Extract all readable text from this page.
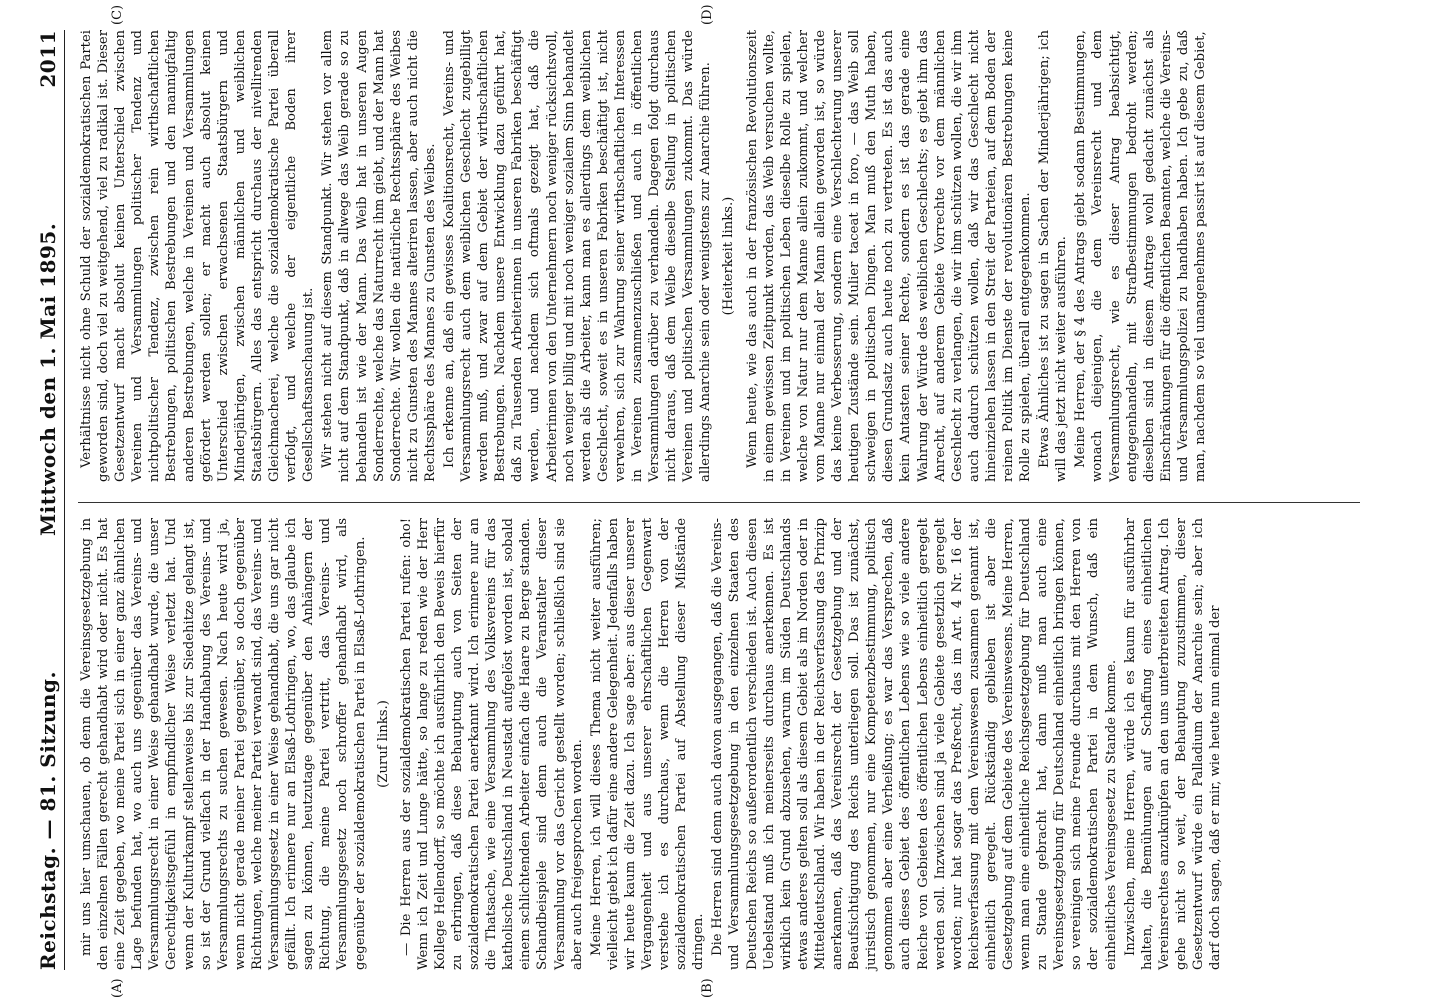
Reichstag. — 81. Sitzung.
Mittwoch den 1. Mai 1895.
2011
(A)	(B)
(C)	(D)

mir uns hier umschauen, ob denn die Vereinsgesetzgebung in den einzelnen Fällen gerecht gehandhabt wird oder nicht. Es hat eine Zeit gegeben, wo meine Partei sich in einer ganz ähnlichen Lage befunden hat, wo auch uns gegenüber das Vereins- und Versammlungsrecht in einer Weise gehandhabt wurde, die unser Gerechtigkeitsgefühl in empfindlicher Weise verletzt hat. Und wenn der Kulturkampf stellenweise bis zur Siedehitze gelangt ist, so ist der Grund vielfach in der Handhabung des Vereins- und Versammlungsrechts zu suchen gewesen. Nach heute wird ja, wenn nicht gerade meiner Partei gegenüber, so doch gegenüber Richtungen, welche meiner Partei verwandt sind, das Vereins- und Versammlungsgesetz in einer Weise gehandhabt, die uns gar nicht gefällt. Ich erinnere nur an Elsaß-Lothringen, wo, das glaube ich sagen zu können, heutzutage gegenüber den Anhängern der Richtung, die meine Partei vertritt, das Vereins- und Versammlungsgesetz noch schroffer gehandhabt wird, als gegenüber der sozialdemokratischen Partei in Elsaß-Lothringen. (Zuruf links.) — Die Herren aus der sozialdemokratischen Partei rufen: oho! Wenn ich Zeit und Lunge hätte, so lange zu reden wie der Herr Kollege Hellendorff, so möchte ich ausführlich den Beweis hierfür zu erbringen, daß diese Behauptung auch von Seiten der sozialdemokratischen Partei anerkannt wird. Ich erinnere nur an die Thatsache, wie eine Versammlung des Volksvereins für das katholische Deutschland in Neustadt aufgelöst worden ist, sobald einem schlichtenden Arbeiter einfach die Haare zu Berge standen. Schandbeispiele sind denn auch die Veranstalter dieser Versammlung vor das Gericht gestellt worden; schließlich sind sie aber auch freigesprochen worden. Meine Herren, ich will dieses Thema nicht weiter ausführen; vielleicht giebt ich dafür eine andere Gelegenheit. Jedenfalls haben wir heute kaum die Zeit dazu. Ich sage aber: aus dieser unserer Vergangenheit und aus unserer ehrschaftlichen Gegenwart verstehe ich es durchaus, wenn die Herren von der sozialdemokratischen Partei auf Abstellung dieser Mißstände dringen. Die Herren sind denn auch davon ausgegangen, daß die Vereins- und Versammlungsgesetzgebung in den einzelnen Staaten des Deutschen Reichs so außerordentlich verschieden ist. Auch diesen Uebelstand muß ich meinerseits durchaus anerkennen. Es ist wirklich kein Grund abzusehen, warum im Süden Deutschlands etwas anderes gelten soll als diesem Gebiet als im Norden oder in Mitteldeutschland. Wir haben in der Reichsverfassung das Prinzip anerkannen, daß das Vereinsrecht der Gesetzgebung und der Beaufsichtigung des Reichs unterliegen soll. Das ist zunächst, juristisch genommen, nur eine Kompetenzbestimmung, politisch genommen aber eine Verheißung; es war das Versprechen, daß auch dieses Gebiet des öffentlichen Lebens wie so viele andere Reiche von Gebieten des öffentlichen Lebens einheitlich geregelt werden soll. Inzwischen sind ja viele Gebiete gesetzlich geregelt worden; nur hat sogar das Preßrecht, das im Art. 4 Nr. 16 der Reichsverfassung mit dem Vereinswesen zusammen genannt ist, einheitlich geregelt. Rückständig geblieben ist aber die Gesetzgebung auf dem Gebiete des Vereinswesens. Meine Herren, wenn man eine einheitliche Reichsgesetzgebung für Deutschland zu Stande gebracht hat, dann muß man auch eine Vereinsgesetzgebung für Deutschland einheitlich bringen können, so vereinigen sich meine Freunde durchaus mit den Herren von der sozialdemokratischen Partei in dem Wunsch, daß ein einheitliches Vereinsgesetz zu Stande komme. Inzwischen, meine Herren, würde ich es kaum für ausführbar halten, die Bemühungen auf Schaffung eines einheitlichen Vereinsrechtes anzuknüpfen an den uns unterbreiteten Antrag. Ich gehe nicht so weit, der Behauptung zuzustimmen, dieser Gesetzentwurf würde ein Palladium der Anarchie sein; aber ich darf doch sagen, daß er mir, wie heute nun einmal der

Verhältnisse nicht ohne Schuld der sozialdemokratischen Partei geworden sind, doch viel zu weitgehend, viel zu radikal ist. Dieser Gesetzentwurf macht absolut keinen Unterschied zwischen Vereinen und Versammlungen politischer Tendenz und nichtpolitischer Tendenz, zwischen rein wirthschaftlichen Bestrebungen, politischen Bestrebungen und den mannigfaltig anderen Bestrebungen, welche in Vereinen und Versammlungen gefördert werden sollen; er macht auch absolut keinen Unterschied zwischen erwachsenen Staatsbürgern und Minderjährigen, zwischen männlichen und weiblichen Staatsbürgern. Alles das entspricht durchaus der nivellirenden Gleichmacherei, welche die sozialdemokratische Partei überall verfolgt, und welche der eigentliche Boden ihrer Gesellschaftsanschauung ist. Wir stehen nicht auf diesem Standpunkt. Wir stehen vor allem nicht auf dem Standpunkt, daß in allwege das Weib gerade so zu behandeln ist wie der Mann. Das Weib hat in unseren Augen Sonderrechte, welche das Naturrecht ihm giebt, und der Mann hat Sonderrechte. Wir wollen die natürliche Rechtssphäre des Weibes nicht zu Gunsten des Mannes alteriren lassen, aber auch nicht die Rechtssphäre des Mannes zu Gunsten des Weibes. Ich erkenne an, daß ein gewisses Koalitionsrecht, Vereins- und Versammlungsrecht auch dem weiblichen Geschlecht zugebilligt werden muß, und zwar auf dem Gebiet der wirthschaftlichen Bestrebungen. Nachdem unsere Entwicklung dazu geführt hat, daß zu Tausenden Arbeiterinnen in unseren Fabriken beschäftigt werden, und nachdem sich oftmals gezeigt hat, daß die Arbeiterinnen von den Unternehmern noch weniger rücksichtsvoll, noch weniger billig und mit noch weniger sozialem Sinn behandelt werden als die Arbeiter, kann man es allerdings dem weiblichen Geschlecht, soweit es in unseren Fabriken beschäftigt ist, nicht verwehren, sich zur Wahrung seiner wirthschaftlichen Interessen in Vereinen zusammenzuschließen und auch in öffentlichen Versammlungen darüber zu verhandeln. Dagegen folgt durchaus nicht daraus, daß dem Weibe dieselbe Stellung in politischen Vereinen und politischen Versammlungen zukommt. Das würde allerdings Anarchie sein oder wenigstens zur Anarchie führen. (Heiterkeit links.) Wenn heute, wie das auch in der französischen Revolutionszeit in einem gewissen Zeitpunkt worden, das Weib versuchen wollte, in Vereinen und im politischen Leben dieselbe Rolle zu spielen, welche von Natur nur dem Manne allein zukommt, und welcher vom Manne nur einmal der Mann allein geworden ist, so würde das keine Verbesserung, sondern eine Verschlechterung unserer heutigen Zustände sein. Mulier taceat in foro, — das Weib soll schweigen in politischen Dingen. Man muß den Muth haben, diesen Grundsatz auch heute noch zu vertreten. Es ist das auch kein Antasten seiner Rechte, sondern es ist das gerade eine Wahrung der Würde des weiblichen Geschlechts; es giebt ihm das Anrecht, auf anderem Gebiete Vorrechte vor dem männlichen Geschlecht zu verlangen, die wir ihm schützen wollen, die wir ihm auch dadurch schützen wollen, daß wir das Geschlecht nicht hineinziehen lassen in den Streit der Parteien, auf dem Boden der reinen Politik im Dienste der revolutionären Bestrebungen keine Rolle zu spielen, überall entgegenkommen. Etwas Ähnliches ist zu sagen in Sachen der Minderjährigen; ich will das jetzt nicht weiter ausführen. Meine Herren, der § 4 des Antrags giebt sodann Bestimmungen, wonach diejenigen, die dem Vereinsrecht und dem Versammlungsrecht, wie es dieser Antrag beabsichtigt, entgegenhandeln, mit Strafbestimmungen bedroht werden; dieselben sind in diesem Antrage wohl gedacht zunächst als Einschränkungen für die öffentlichen Beamten, welche die Vereins- und Versammlungspolizei zu handhaben haben. Ich gebe zu, daß man, nachdem so viel unangenehmes passirt ist auf diesem Gebiet,
